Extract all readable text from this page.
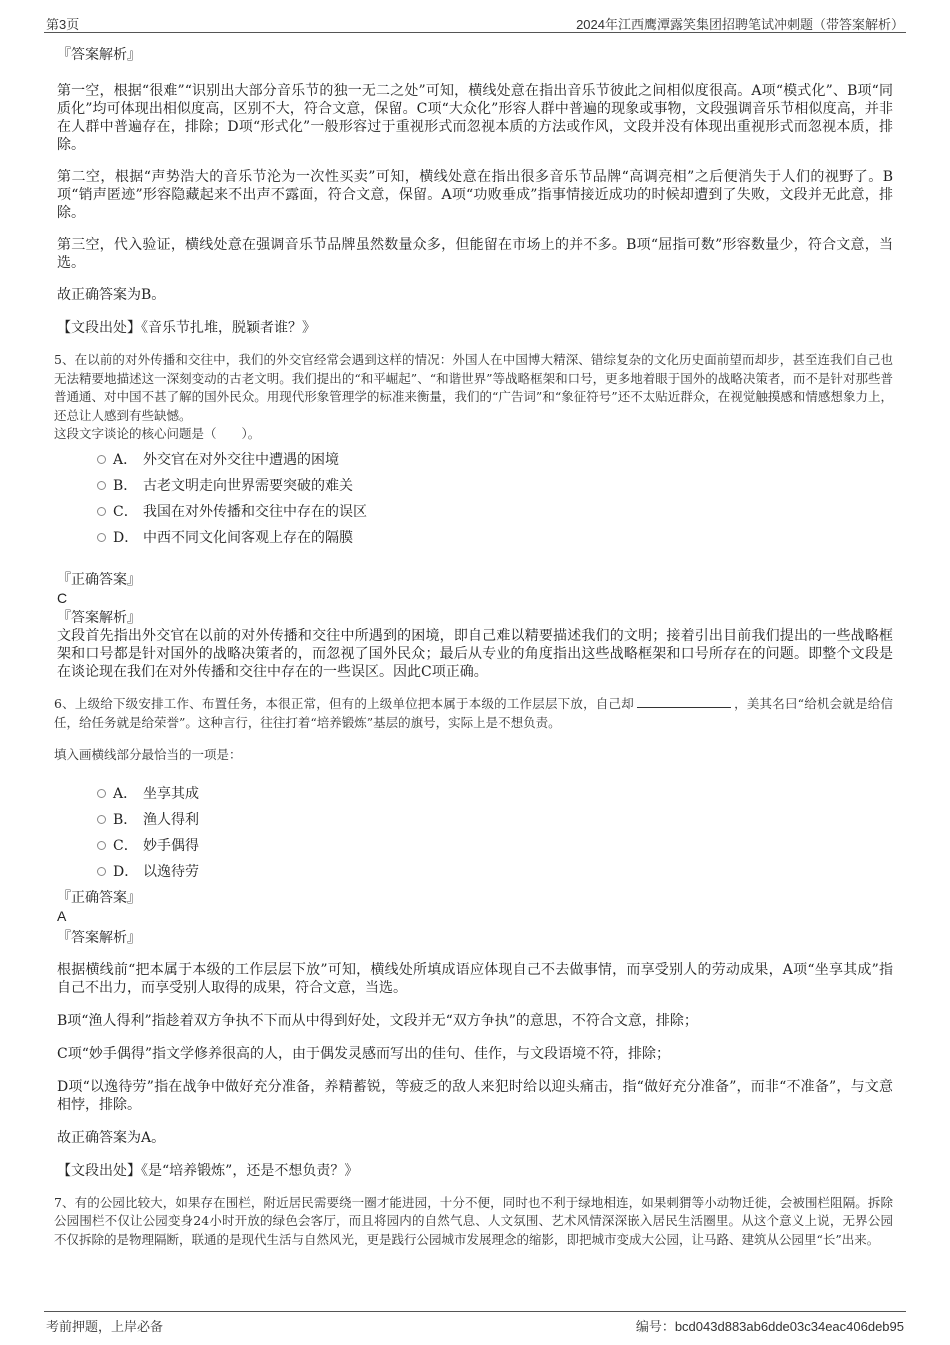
第3页	2024年江西鹰潭露笑集团招聘笔试冲刺题（带答案解析）

『答案解析』

第一空，根据“很难”“识别出大部分音乐节的独一无二之处”可知，横线处意在指出音乐节彼此之间相似度很高。A项“模式化”、B项“同质化”均可体现出相似度高，区别不大，符合文意，保留。C项“大众化”形容人群中普遍的现象或事物，文段强调音乐节相似度高，并非在人群中普遍存在，排除；D项“形式化”一般形容过于重视形式而忽视本质的方法或作风，文段并没有体现出重视形式而忽视本质，排除。

第二空，根据“声势浩大的音乐节沦为一次性买卖”可知，横线处意在指出很多音乐节品牌“高调亮相”之后便消失于人们的视野了。B项“销声匿迹”形容隐藏起来不出声不露面，符合文意，保留。A项“功败垂成”指事情接近成功的时候却遭到了失败，文段并无此意，排除。

第三空，代入验证，横线处意在强调音乐节品牌虽然数量众多，但能留在市场上的并不多。B项“屈指可数”形容数量少，符合文意，当选。

故正确答案为B。

【文段出处】《音乐节扎堆，脱颖者谁？》

5、在以前的对外传播和交往中，我们的外交官经常会遇到这样的情况：外国人在中国博大精深、错综复杂的文化历史面前望而却步，甚至连我们自己也无法精要地描述这一深刻变动的古老文明。我们提出的“和平崛起”、“和谐世界”等战略框架和口号，更多地着眼于国外的战略决策者，而不是针对那些普普通通、对中国不甚了解的国外民众。用现代形象管理学的标准来衡量，我们的“广告词”和“象征符号”还不太贴近群众，在视觉触摸感和情感想象力上，还总让人感到有些缺憾。

这段文字谈论的核心问题是（　　）。

A． 外交官在对外交往中遭遇的困境
B． 古老文明走向世界需要突破的难关
C． 我国在对外传播和交往中存在的误区
D． 中西不同文化间客观上存在的隔膜

『正确答案』

C

『答案解析』

文段首先指出外交官在以前的对外传播和交往中所遇到的困境，即自己难以精要描述我们的文明；接着引出目前我们提出的一些战略框架和口号都是针对国外的战略决策者的，而忽视了国外民众；最后从专业的角度指出这些战略框架和口号所存在的问题。即整个文段是在谈论现在我们在对外传播和交往中存在的一些误区。因此C项正确。

6、上级给下级安排工作、布置任务，本很正常，但有的上级单位把本属于本级的工作层层下放，自己却	，美其名曰“给机会就是给信任，给任务就是给荣誉”。这种言行，往往打着“培养锻炼”基层的旗号，实际上是不想负责。

填入画横线部分最恰当的一项是：

A． 坐享其成
B． 渔人得利
C． 妙手偶得
D． 以逸待劳

『正确答案』

A

『答案解析』

根据横线前“把本属于本级的工作层层下放”可知，横线处所填成语应体现自己不去做事情，而享受别人的劳动成果，A项“坐享其成”指自己不出力，而享受别人取得的成果，符合文意，当选。

B项“渔人得利”指趁着双方争执不下而从中得到好处，文段并无“双方争执”的意思，不符合文意，排除；

C项“妙手偶得”指文学修养很高的人，由于偶发灵感而写出的佳句、佳作，与文段语境不符，排除；

D项“以逸待劳”指在战争中做好充分准备，养精蓄锐，等疲乏的敌人来犯时给以迎头痛击，指“做好充分准备”，而非“不准备”，与文意相悖，排除。

故正确答案为A。

【文段出处】《是“培养锻炼”，还是不想负责？》

7、有的公园比较大，如果存在围栏，附近居民需要绕一圈才能进园，十分不便，同时也不利于绿地相连，如果刺猬等小动物迁徙，会被围栏阻隔。拆除公园围栏不仅让公园变身24小时开放的绿色会客厅，而且将园内的自然气息、人文氛围、艺术风情深深嵌入居民生活圈里。从这个意义上说，无界公园不仅拆除的是物理隔断，联通的是现代生活与自然风光，更是践行公园城市发展理念的缩影，即把城市变成大公园，让马路、建筑从公园里“长”出来。

考前押题，上岸必备	编号：bcd043d883ab6dde03c34eac406deb95
